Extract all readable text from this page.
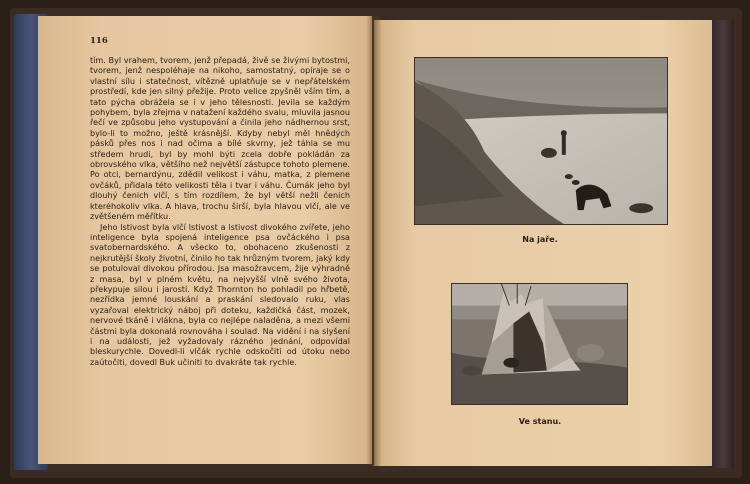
116

tím. Byl vrahem, tvorem, jenž přepadá, živě se živými bytostmi, tvorem, jenž nespoléhaje na nikoho, samostatný, opíraje se o vlastní sílu i statečnost, vítězně uplatňuje se v nepřátelském prostředí, kde jen silný přežije. Proto velice zpyšněl vším tím, a tato pýcha obrážela se i v jeho tělesnosti. Jevila se každým pohybem, byla zřejma v natažení každého svalu, mluvila jasnou řečí ve způsobu jeho vystupování a činila jeho nádhernou srst, bylo-li to možno, ještě krásnější. Kdyby nebyl měl hnědých pásků přes nos i nad očima a bílé skvrny, jež táhla se mu středem hrudi, byl by mohl býti zcela dobře pokládán za obrovského vlka, většího než největší zástupce tohoto plemene. Po otci, bernardýnu, zdědil velikost i váhu, matka, z plemene ovčáků, přidala této velikosti těla i tvar i váhu. Čumák jeho byl dlouhý čenich vlčí, s tím rozdílem, že byl větší nežli čenich kteréhokoliv vlka. A hlava, trochu širší, byla hlavou vlčí, ale ve zvětšeném měřítku.

Jeho lstivost byla vlčí lstivost a lstivost divokého zvířete, jeho inteligence byla spojená inteligence psa ovčáckého i psa svatobernardského. A všecko to, obohaceno zkušenosti z nejkrutější školy životní, činilo ho tak hrůzným tvorem, jaký kdy se potuloval divokou přírodou. Jsa masožravcem, žije výhradně z masa, byl v plném květu, na nejvyšší vlně svého života, překypuje silou i jarostí. Když Thornton ho pohladil po hřbetě, nezřídka jemné louskání a praskání sledovalo ruku, vlas vyzařoval elektrický náboj při doteku, každičká část, mozek, nervové tkáně i vlákna, byla co nejlépe naladěna, a mezi všemi částmi byla dokonalá rovnováha i soulad. Na vidění i na slyšení i na události, jež vyžadovaly rázného jednání, odpovídal bleskurychle. Dovedl-li vlčák rychle odskočiti od útoku nebo zaútočiti, dovedl Buk učiniti to dvakráte tak rychle.

Na jaře.
Ve stanu.
